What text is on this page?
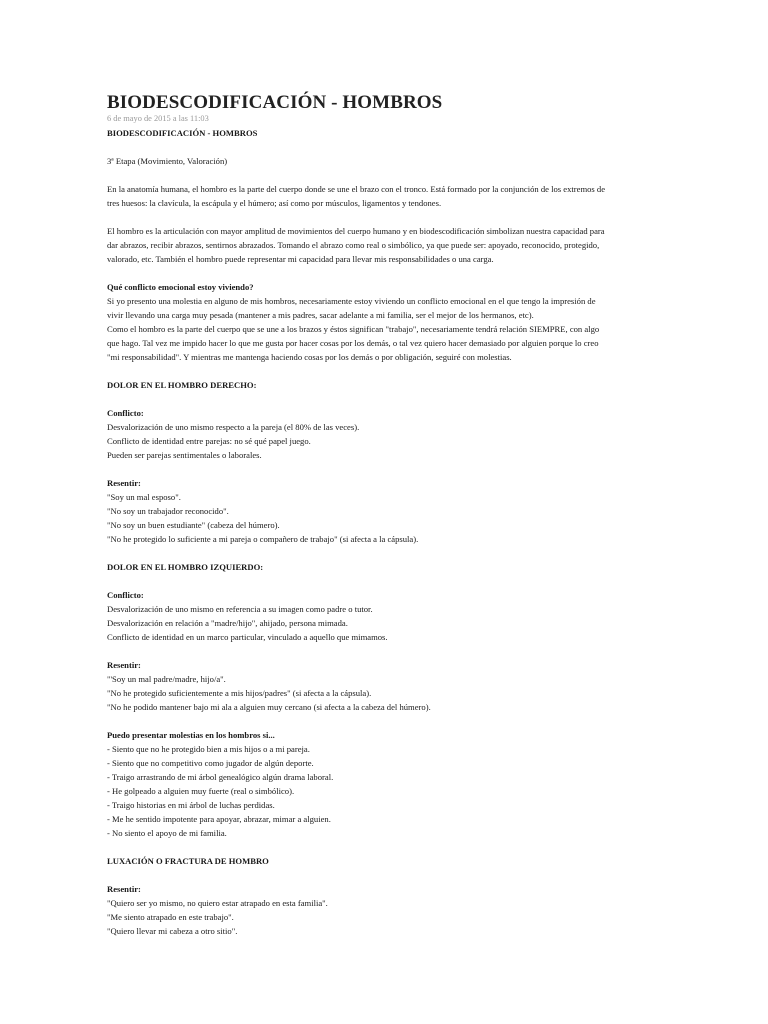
BIODESCODIFICACIÓN - HOMBROS
6 de mayo de 2015 a las 11:03
BIODESCODIFICACIÓN - HOMBROS
3ª Etapa (Movimiento, Valoración)
En la anatomía humana, el hombro es la parte del cuerpo donde se une el brazo con el tronco. Está formado por la conjunción de los extremos de
tres huesos: la clavícula, la escápula y el húmero; así como por músculos, ligamentos y tendones.
El hombro es la articulación con mayor amplitud de movimientos del cuerpo humano y en biodescodificación simbolizan nuestra capacidad para
dar abrazos, recibir abrazos, sentirnos abrazados. Tomando el abrazo como real o simbólico, ya que puede ser: apoyado, reconocido, protegido,
valorado, etc. También el hombro puede representar mi capacidad para llevar mis responsabilidades o una carga.
Qué conflicto emocional estoy viviendo?
Si yo presento una molestia en alguno de mis hombros, necesariamente estoy viviendo un conflicto emocional en el que tengo la impresión de
vivir llevando una carga muy pesada (mantener a mis padres, sacar adelante a mi familia, ser el mejor de los hermanos, etc).
Como el hombro es la parte del cuerpo que se une a los brazos y éstos significan "trabajo", necesariamente tendrá relación SIEMPRE, con algo
que hago. Tal vez me impido hacer lo que me gusta por hacer cosas por los demás, o tal vez quiero hacer demasiado por alguien porque lo creo
"mi responsabilidad". Y mientras me mantenga haciendo cosas por los demás o por obligación, seguiré con molestias.
DOLOR EN EL HOMBRO DERECHO:
Conflicto:
Desvalorización de uno mismo respecto a la pareja (el 80% de las veces).
Conflicto de identidad entre parejas: no sé qué papel juego.
Pueden ser parejas sentimentales o laborales.
Resentir:
"Soy un mal esposo".
"No soy un trabajador reconocido".
"No soy un buen estudiante" (cabeza del húmero).
"No he protegido lo suficiente a mi pareja o compañero de trabajo" (si afecta a la cápsula).
DOLOR EN EL HOMBRO IZQUIERDO:
Conflicto:
Desvalorización de uno mismo en referencia a su imagen como padre o tutor.
Desvalorización en relación a "madre/hijo", ahijado, persona mimada.
Conflicto de identidad en un marco particular, vinculado a aquello que mimamos.
Resentir:
"'Soy un mal padre/madre, hijo/a".
"No he protegido suficientemente a mis hijos/padres" (si afecta a la cápsula).
"No he podido mantener bajo mi ala a alguien muy cercano (si afecta a la cabeza del húmero).
Puedo presentar molestias en los hombros si...
- Siento que no he protegido bien a mis hijos o a mi pareja.
- Siento que no competitivo como jugador de algún deporte.
- Traigo arrastrando de mi árbol genealógico algún drama laboral.
- He golpeado a alguien muy fuerte (real o simbólico).
- Traigo historias en mi árbol de luchas perdidas.
- Me he sentido impotente para apoyar, abrazar, mimar a alguien.
- No siento el apoyo de mi familia.
LUXACIÓN O FRACTURA DE HOMBRO
Resentir:
"Quiero ser yo mismo, no quiero estar atrapado en esta familia".
"Me siento atrapado en este trabajo".
"Quiero llevar mi cabeza a otro sitio".
